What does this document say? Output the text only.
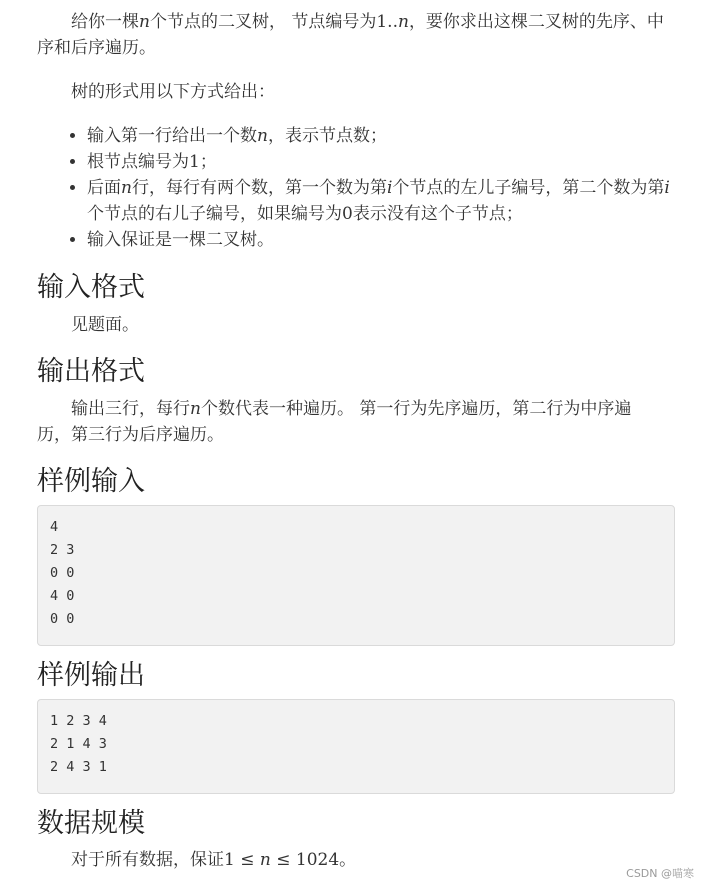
给你一棵n个节点的二叉树， 节点编号为1..n，要你求出这棵二叉树的先序、中序和后序遍历。

树的形式用以下方式给出：

• 输入第一行给出一个数n，表示节点数；
• 根节点编号为1；
• 后面n行，每行有两个数，第一个数为第i个节点的左儿子编号，第二个数为第i个节点的右儿子编号，如果编号为0表示没有这个子节点；
• 输入保证是一棵二叉树。
输入格式

见题面。

输出格式

输出三行，每行n个数代表一种遍历。 第一行为先序遍历，第二行为中序遍历，第三行为后序遍历。

样例输入
4
2 3
0 0
4 0
0 0
样例输出
1 2 3 4
2 1 4 3
2 4 3 1
数据规模

对于所有数据，保证1 ≤ n ≤ 1024。

CSDN @喵寒
